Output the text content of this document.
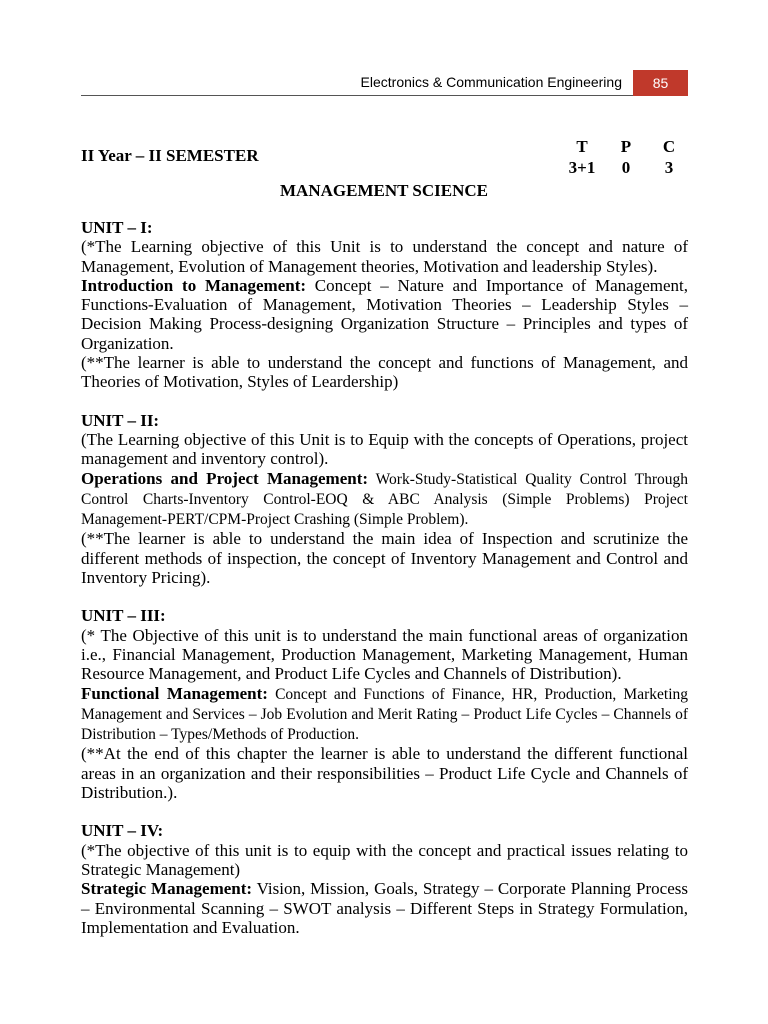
Electronics & Communication Engineering	85
II Year – II SEMESTER	T	P	C
3+1	0	3
MANAGEMENT SCIENCE

UNIT – I:

(*The Learning objective of this Unit is to understand the concept and nature of Management, Evolution of Management theories, Motivation and leadership Styles).

Introduction to Management: Concept – Nature and Importance of Management, Functions-Evaluation of Management, Motivation Theories – Leadership Styles – Decision Making Process-designing Organization Structure – Principles and types of Organization.

(**The learner is able to understand the concept and functions of Management, and Theories of Motivation, Styles of Leardership)

UNIT – II:

(The Learning objective of this Unit is to Equip with the concepts of Operations, project management and inventory control).

Operations and Project Management: Work-Study-Statistical Quality Control Through Control Charts-Inventory Control-EOQ & ABC Analysis (Simple Problems) Project Management-PERT/CPM-Project Crashing (Simple Problem).

(**The learner is able to understand the main idea of Inspection and scrutinize the different methods of inspection, the concept of Inventory Management and Control and Inventory Pricing).

UNIT – III:

(* The Objective of this unit is to understand the main functional areas of organization i.e., Financial Management, Production Management, Marketing Management, Human Resource Management, and Product Life Cycles and Channels of Distribution).

Functional Management: Concept and Functions of Finance, HR, Production, Marketing Management and Services – Job Evolution and Merit Rating – Product Life Cycles – Channels of Distribution – Types/Methods of Production.

(**At the end of this chapter the learner is able to understand the different functional areas in an organization and their responsibilities – Product Life Cycle and Channels of Distribution.).

UNIT – IV:

(*The objective of this unit is to equip with the concept and practical issues relating to Strategic Management)

Strategic Management: Vision, Mission, Goals, Strategy – Corporate Planning Process – Environmental Scanning – SWOT analysis – Different Steps in Strategy Formulation, Implementation and Evaluation.
